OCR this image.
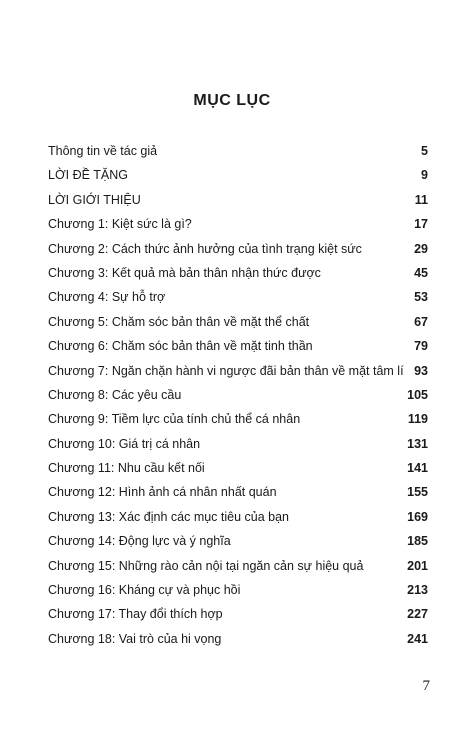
MỤC LỤC
Thông tin về tác giả	5
LỜI ĐỀ TẶNG	9
LỜI GIỚI THIỆU	11
Chương 1: Kiệt sức là gì?	17
Chương 2: Cách thức ảnh hưởng của tình trạng kiệt sức	29
Chương 3: Kết quả mà bản thân nhận thức được	45
Chương 4: Sự hỗ trợ	53
Chương 5: Chăm sóc bản thân về mặt thể chất	67
Chương 6: Chăm sóc bản thân về mặt tinh thần	79
Chương 7: Ngăn chặn hành vi ngược đãi bản thân về mặt tâm lí 93
Chương 8: Các yêu cầu	105
Chương 9: Tiềm lực của tính chủ thể cá nhân	119
Chương 10: Giá trị cá nhân	131
Chương 11: Nhu cầu kết nối	141
Chương 12: Hình ảnh cá nhân nhất quán	155
Chương 13: Xác định các mục tiêu của bạn	169
Chương 14: Động lực và ý nghĩa	185
Chương 15: Những rào cản nội tại ngăn cản sự hiệu quả	201
Chương 16: Kháng cự và phục hồi	213
Chương 17: Thay đổi thích hợp	227
Chương 18: Vai trò của hi vọng	241
7
